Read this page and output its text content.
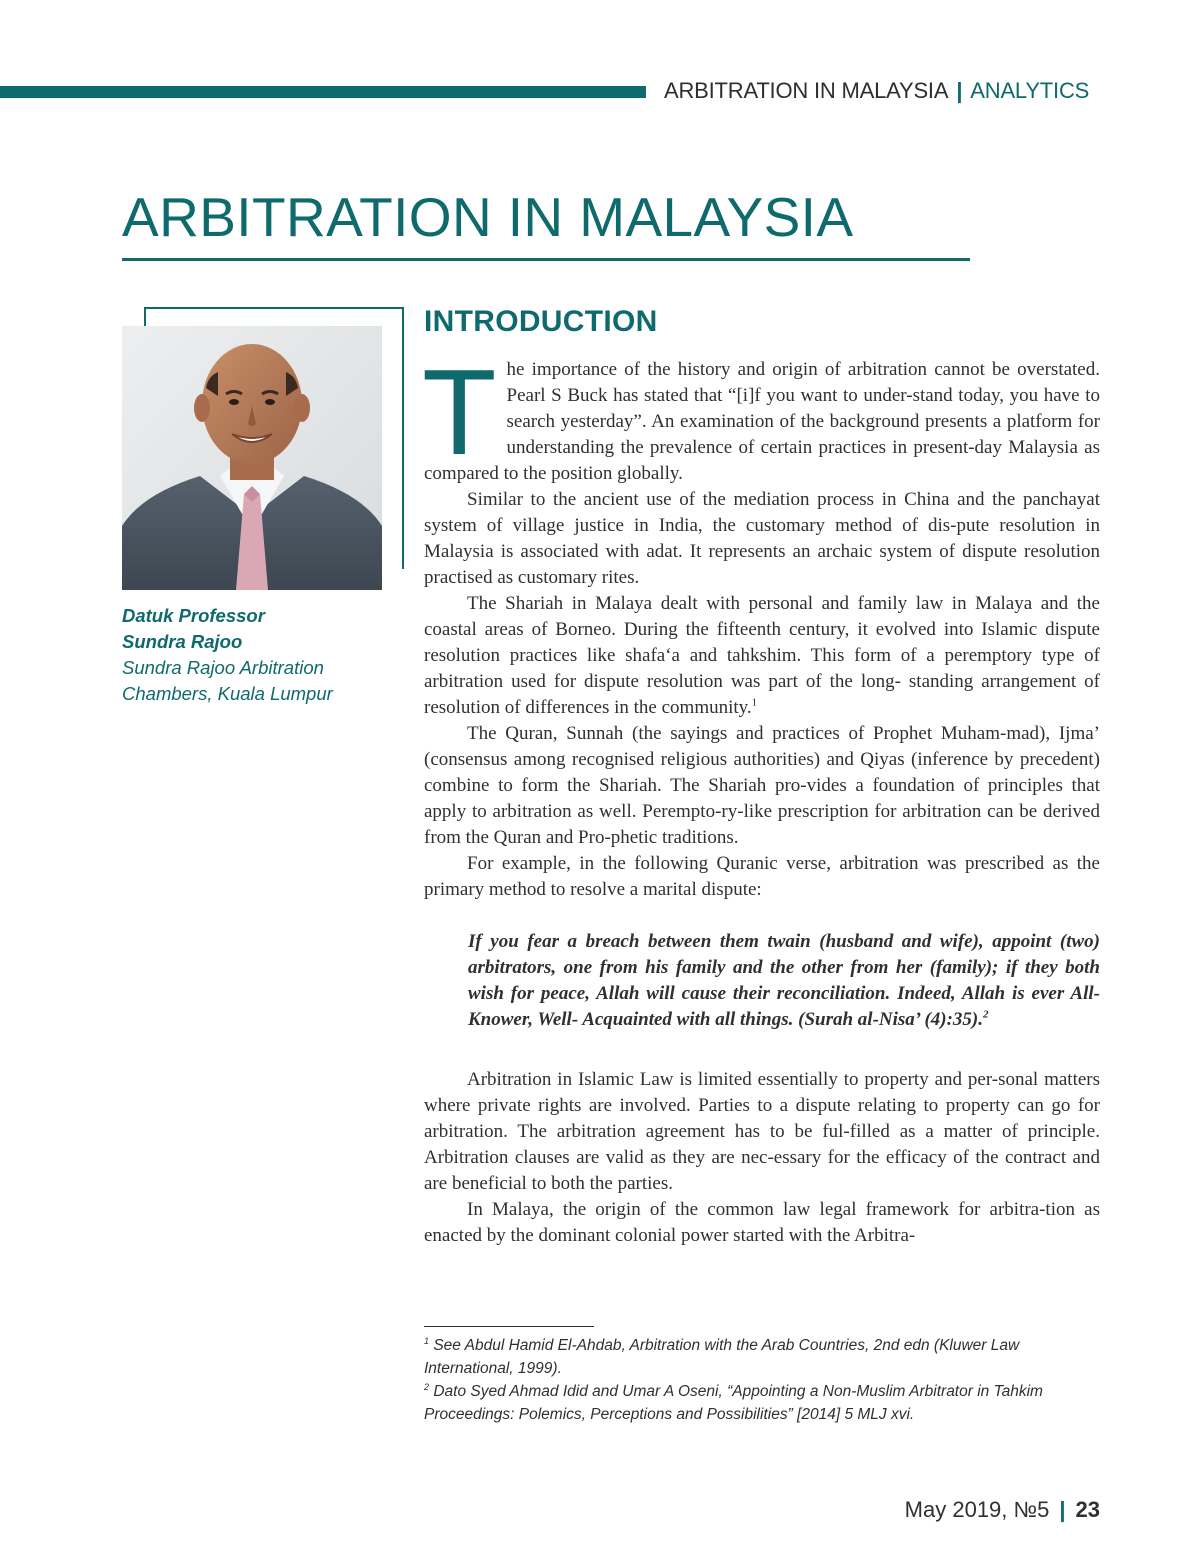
ARBITRATION IN MALAYSIA | ANALYTICS
ARBITRATION IN MALAYSIA

Datuk Professor

Sundra Rajoo

Sundra Rajoo Arbitration

Chambers, Kuala Lumpur

INTRODUCTION

The importance of the history and origin of arbitration cannot be overstated. Pearl S Buck has stated that “[i]f you want to under-stand today, you have to search yesterday”. An examination of the background presents a platform for understanding the prevalence of certain practices in present-day Malaysia as compared to the position globally.

Similar to the ancient use of the mediation process in China and the panchayat system of village justice in India, the customary method of dis-pute resolution in Malaysia is associated with adat. It represents an archaic system of dispute resolution practised as customary rites.

The Shariah in Malaya dealt with personal and family law in Malaya and the coastal areas of Borneo. During the fifteenth century, it evolved into Islamic dispute resolution practices like shafa‘a and tahkshim. This form of a peremptory type of arbitration used for dispute resolution was part of the long- standing arrangement of resolution of differences in the community.$^1$

The Quran, Sunnah (the sayings and practices of Prophet Muham-mad), Ijma’ (consensus among recognised religious authorities) and Qiyas (inference by precedent) combine to form the Shariah. The Shariah pro-vides a foundation of principles that apply to arbitration as well. Perempto-ry-like prescription for arbitration can be derived from the Quran and Pro-phetic traditions.

For example, in the following Quranic verse, arbitration was prescribed as the primary method to resolve a marital dispute:

If you fear a breach between them twain (husband and wife), appoint (two) arbitrators, one from his family and the other from her (family); if they both wish for peace, Allah will cause their reconciliation. Indeed, Allah is ever All-Knower, Well- Acquainted with all things. (Surah al-Nisa’ (4):35).$^2$

Arbitration in Islamic Law is limited essentially to property and per-sonal matters where private rights are involved. Parties to a dispute relating to property can go for arbitration. The arbitration agreement has to be ful-filled as a matter of principle. Arbitration clauses are valid as they are nec-essary for the efficacy of the contract and are beneficial to both the parties.

In Malaya, the origin of the common law legal framework for arbitra-tion as enacted by the dominant colonial power started with the Arbitra-

$^1$ See Abdul Hamid El-Ahdab, Arbitration with the Arab Countries, 2nd edn (Kluwer Law International, 1999).

$^2$ Dato Syed Ahmad Idid and Umar A Oseni, “Appointing a Non-Muslim Arbitrator in Tahkim Proceedings: Polemics, Perceptions and Possibilities” [2014] 5 MLJ xvi.

May 2019, №5 | 23
